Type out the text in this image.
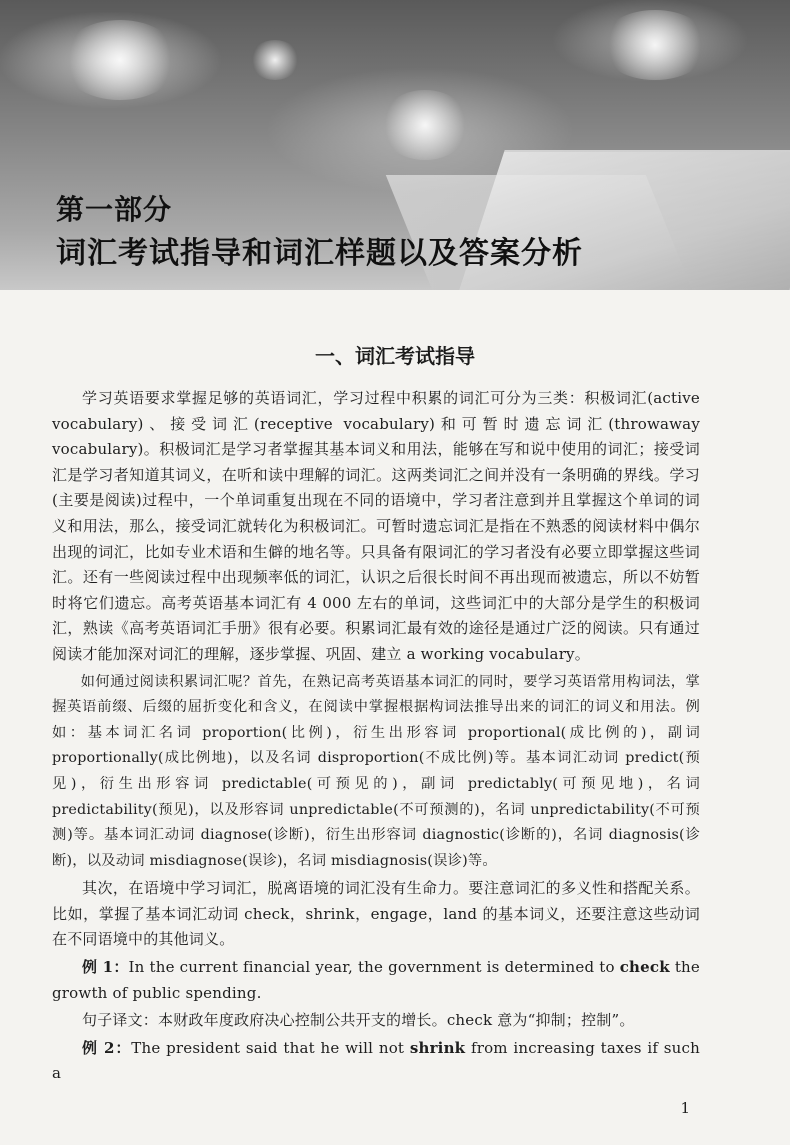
第一部分
词汇考试指导和词汇样题以及答案分析
一、词汇考试指导

学习英语要求掌握足够的英语词汇，学习过程中积累的词汇可分为三类：积极词汇(active vocabulary)、接受词汇(receptive vocabulary)和可暂时遗忘词汇(throwaway vocabulary)。积极词汇是学习者掌握其基本词义和用法，能够在写和说中使用的词汇；接受词汇是学习者知道其词义，在听和读中理解的词汇。这两类词汇之间并没有一条明确的界线。学习(主要是阅读)过程中，一个单词重复出现在不同的语境中，学习者注意到并且掌握这个单词的词义和用法，那么，接受词汇就转化为积极词汇。可暂时遗忘词汇是指在不熟悉的阅读材料中偶尔出现的词汇，比如专业术语和生僻的地名等。只具备有限词汇的学习者没有必要立即掌握这些词汇。还有一些阅读过程中出现频率低的词汇，认识之后很长时间不再出现而被遗忘，所以不妨暂时将它们遗忘。高考英语基本词汇有 4 000 左右的单词，这些词汇中的大部分是学生的积极词汇，熟读《高考英语词汇手册》很有必要。积累词汇最有效的途径是通过广泛的阅读。只有通过阅读才能加深对词汇的理解，逐步掌握、巩固、建立 a working vocabulary。

如何通过阅读积累词汇呢？首先，在熟记高考英语基本词汇的同时，要学习英语常用构词法，掌握英语前缀、后缀的屈折变化和含义，在阅读中掌握根据构词法推导出来的词汇的词义和用法。例如：基本词汇名词 proportion(比例)，衍生出形容词 proportional(成比例的)，副词 proportionally(成比例地)，以及名词 disproportion(不成比例)等。基本词汇动词 predict(预见)，衍生出形容词 predictable(可预见的)，副词 predictably(可预见地)，名词 predictability(预见)，以及形容词 unpredictable(不可预测的)，名词 unpredictability(不可预测)等。基本词汇动词 diagnose(诊断)，衍生出形容词 diagnostic(诊断的)，名词 diagnosis(诊断)，以及动词 misdiagnose(误诊)，名词 misdiagnosis(误诊)等。

其次，在语境中学习词汇，脱离语境的词汇没有生命力。要注意词汇的多义性和搭配关系。比如，掌握了基本词汇动词 check，shrink，engage，land 的基本词义，还要注意这些动词在不同语境中的其他词义。

例 1：In the current financial year, the government is determined to check the growth of public spending.

句子译文：本财政年度政府决心控制公共开支的增长。check 意为“抑制；控制”。

例 2：The president said that he will not shrink from increasing taxes if such a

1
